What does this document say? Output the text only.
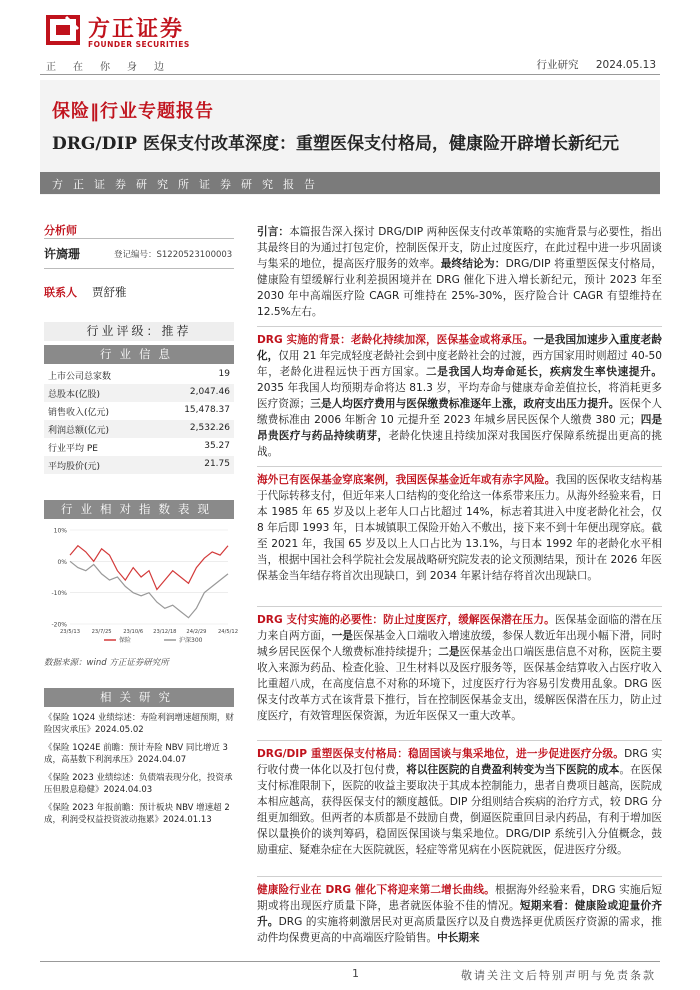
方正证券
FOUNDER SECURITIES
正在你身边	行业研究 2024.05.13
保险‖行业专题报告
DRG/DIP 医保支付改革深度：重塑医保支付格局，健康险开辟增长新纪元
方正证券研究所证券研究报告
分析师
许旖珊	登记编号：S1220523100003
联系人 贾舒雅
行业评级：推荐
行业信息
上市公司总家数	19
总股本(亿股)	2,047.46
销售收入(亿元)	15,478.37
利润总额(亿元)	2,532.26
行业平均 PE	35.27
平均股价(元)	21.75
行业相对指数表现
10%
0%
-10%
-20%
23/5/13 23/7/25 23/10/6 23/12/18 24/2/29 24/5/12
保险	沪深300
数据来源：wind 方正证券研究所
相关研究
《保险 1Q24 业绩综述：寿险利润增速超预期，财险因灾承压》2024.05.02
《保险 1Q24E 前瞻：预计寿险 NBV 同比增近 3 成，高基数下利润承压》2024.04.07
《保险 2023 业绩综述：负债端表现分化，投资承压但股息稳健》2024.04.03
《保险 2023 年报前瞻：预计板块 NBV 增速超 2 成，利润受权益投资波动拖累》2024.01.13
引言：本篇报告深入探讨 DRG/DIP 两种医保支付改革策略的实施背景与必要性，指出其最终目的为通过打包定价，控制医保开支，防止过度医疗，在此过程中进一步巩固谈与集采的地位，提高医疗服务的效率。最终结论为：DRG/DIP 将重塑医保支付格局，健康险有望缓解行业利差损困境并在 DRG 催化下进入增长新纪元，预计 2023 年至 2030 年中高端医疗险 CAGR 可维持在 25%-30%，医疗险合计 CAGR 有望维持在 12.5%左右。
DRG 实施的背景：老龄化持续加深，医保基金或将承压。一是我国加速步入重度老龄化，仅用 21 年完成轻度老龄社会到中度老龄社会的过渡，西方国家用时则超过 40-50 年，老龄化进程远快于西方国家。二是我国人均寿命延长，疾病发生率快速提升。2035 年我国人均预期寿命将达 81.3 岁，平均寿命与健康寿命差值拉长，将消耗更多医疗资源；三是人均医疗费用与医保缴费标准逐年上涨，政府支出压力提升。医保个人缴费标准由 2006 年断舍 10 元提升至 2023 年城乡居民医保个人缴费 380 元；四是昂贵医疗与药品持续萌芽，老龄化快速且持续加深对我国医疗保障系统提出更高的挑战。
海外已有医保基金穿底案例，我国医保基金近年或有赤字风险。我国的医保收支结构基于代际转移支付，但近年来人口结构的变化给这一体系带来压力。从海外经验来看，日本 1985 年 65 岁及以上老年人口占比超过 14%，标志着其进入中度老龄化社会，仅 8 年后即 1993 年，日本城镇职工保险开始入不敷出，接下来不到十年便出现穿底。截至 2021 年，我国 65 岁及以上人口占比为 13.1%，与日本 1992 年的老龄化水平相当，根据中国社会科学院社会发展战略研究院发表的论文预测结果，预计在 2026 年医保基金当年结存将首次出现缺口，到 2034 年累计结存将首次出现缺口。
DRG 支付实施的必要性：防止过度医疗，缓解医保潜在压力。医保基金面临的潜在压力来自两方面，一是医保基金入口端收入增速放缓，参保人数近年出现小幅下滑，同时城乡居民医保个人缴费标准持续提升；二是医保基金出口端医患信息不对称，医院主要收入来源为药品、检查化验、卫生材料以及医疗服务等，医保基金结算收入占医疗收入比重超八成，在高度信息不对称的环境下，过度医疗行为容易引发费用乱象。DRG 医保支付改革方式在该背景下推行，旨在控制医保基金支出，缓解医保潜在压力，防止过度医疗，有效管理医保资源，为近年医保又一重大改革。
DRG/DIP 重塑医保支付格局：稳固国谈与集采地位，进一步促进医疗分级。DRG 实行收付费一体化以及打包付费，将以往医院的自费盈利转变为当下医院的成本。在医保支付标准限制下，医院的收益主要取决于其成本控制能力，患者自费项目越高，医院成本相应越高，获得医保支付的额度越低。DIP 分组则结合疾病的治疗方式，较 DRG 分组更加细致。但两者的本质都是不鼓励自费，倒逼医院重回目录内药品，有利于增加医保以量换价的谈判筹码，稳固医保国谈与集采地位。DRG/DIP 系统引入分值概念，鼓励重症、疑难杂症在大医院就医，轻症等常见病在小医院就医，促进医疗分级。
健康险行业在 DRG 催化下将迎来第二增长曲线。根据海外经验来看，DRG 实施后短期或将出现医疗质量下降，患者就医体验不佳的情况。短期来看：健康险或迎量价齐升。DRG 的实施将刺激居民对更高质量医疗以及自费选择更优质医疗资源的需求，推动件均保费更高的中高端医疗险销售。中长期来
1	敬请关注文后特别声明与免责条款
